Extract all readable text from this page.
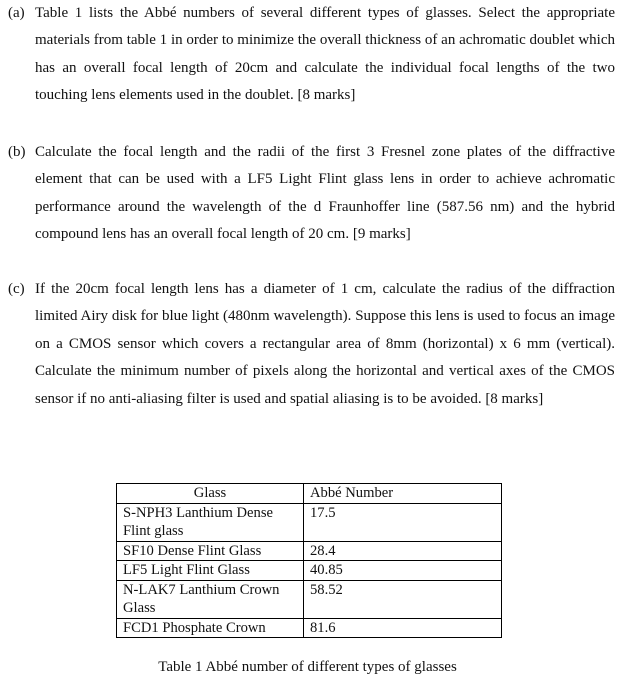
(a) Table 1 lists the Abbé numbers of several different types of glasses. Select the appropriate materials from table 1 in order to minimize the overall thickness of an achromatic doublet which has an overall focal length of 20cm and calculate the individual focal lengths of the two touching lens elements used in the doublet. [8 marks]
(b) Calculate the focal length and the radii of the first 3 Fresnel zone plates of the diffractive element that can be used with a LF5 Light Flint glass lens in order to achieve achromatic performance around the wavelength of the d Fraunhoffer line (587.56 nm) and the hybrid compound lens has an overall focal length of 20 cm. [9 marks]
(c) If the 20cm focal length lens has a diameter of 1 cm, calculate the radius of the diffraction limited Airy disk for blue light (480nm wavelength). Suppose this lens is used to focus an image on a CMOS sensor which covers a rectangular area of 8mm (horizontal) x 6 mm (vertical). Calculate the minimum number of pixels along the horizontal and vertical axes of the CMOS sensor if no anti-aliasing filter is used and spatial aliasing is to be avoided. [8 marks]
Glass	Abbé Number
S-NPH3 Lanthium Dense Flint glass	17.5
SF10 Dense Flint Glass	28.4
LF5 Light Flint Glass	40.85
N-LAK7 Lanthium Crown Glass	58.52
FCD1 Phosphate Crown	81.6
Table 1 Abbé number of different types of glasses
